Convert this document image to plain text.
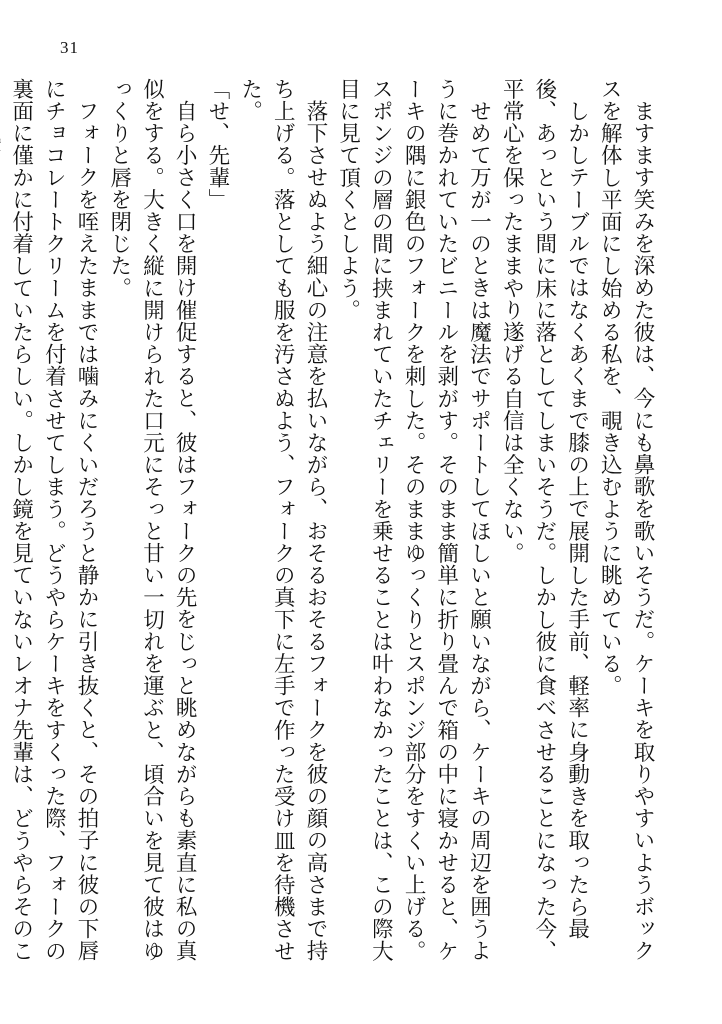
31

ますます笑みを深めた彼は、今にも鼻歌を歌いそうだ。ケーキを取りやすいようボックスを解体し平面にし始める私を、覗き込むように眺めている。

しかしテーブルではなくあくまで膝の上で展開した手前、軽率に身動きを取ったら最後、あっという間に床に落としてしまいそうだ。しかし彼に食べさせることになった今、平常心を保ったままやり遂げる自信は全くない。

せめて万が一のときは魔法でサポートしてほしいと願いながら、ケーキの周辺を囲うように巻かれていたビニールを剥がす。そのまま簡単に折り畳んで箱の中に寝かせると、ケーキの隅に銀色のフォークを刺した。そのままゆっくりとスポンジ部分をすくい上げる。スポンジの層の間に挟まれていたチェリーを乗せることは叶わなかったことは、この際大目に見て頂くとしよう。

落下させぬよう細心の注意を払いながら、おそるおそるフォークを彼の顔の高さまで持ち上げる。落としても服を汚さぬよう、フォークの真下に左手で作った受け皿を待機させた。

「せ、先輩」

自ら小さく口を開け催促すると、彼はフォークの先をじっと眺めながらも素直に私の真似をする。大きく縦に開けられた口元にそっと甘い一切れを運ぶと、頃合いを見て彼はゆっくりと唇を閉じた。

フォークを咥えたままでは噛みにくいだろうと静かに引き抜くと、その拍子に彼の下唇にチョコレートクリームを付着させてしまう。どうやらケーキをすくった際、フォークの裏面に僅かに付着していたらしい。しかし鏡を見ていないレオナ先輩は、どうやらそのこ
